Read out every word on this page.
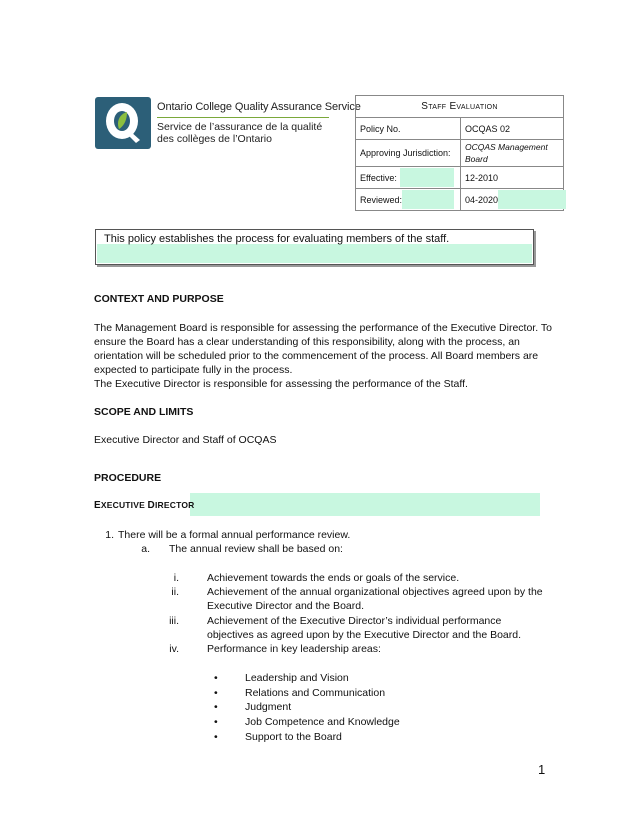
Ontario College Quality Assurance Service
Service de l’assurance de la qualité des collèges de l’Ontario
Staff Evaluation	
Policy No.	OCQAS 02
Approving Jurisdiction:	OCQAS Management Board

Effective:	12-2010

Reviewed:	04-2020
This policy establishes the process for evaluating members of the staff.
CONTEXT AND PURPOSE
The Management Board is responsible for assessing the performance of the Executive Director. To ensure the Board has a clear understanding of this responsibility, along with the process, an orientation will be scheduled prior to the commencement of the process. All Board members are expected to participate fully in the process.
The Executive Director is responsible for assessing the performance of the Staff.
SCOPE AND LIMITS
Executive Director and Staff of OCQAS
PROCEDURE
EXECUTIVE DIRECTOR
1. There will be a formal annual performance review.
a. The annual review shall be based on:
i.	Achievement towards the ends or goals of the service.
ii.	Achievement of the annual organizational objectives agreed upon by the Executive Director and the Board.
iii.	Achievement of the Executive Director’s individual performance objectives as agreed upon by the Executive Director and the Board.
iv.	Performance in key leadership areas:
•	Leadership and Vision
•	Relations and Communication
•	Judgment
•	Job Competence and Knowledge
•	Support to the Board
1
